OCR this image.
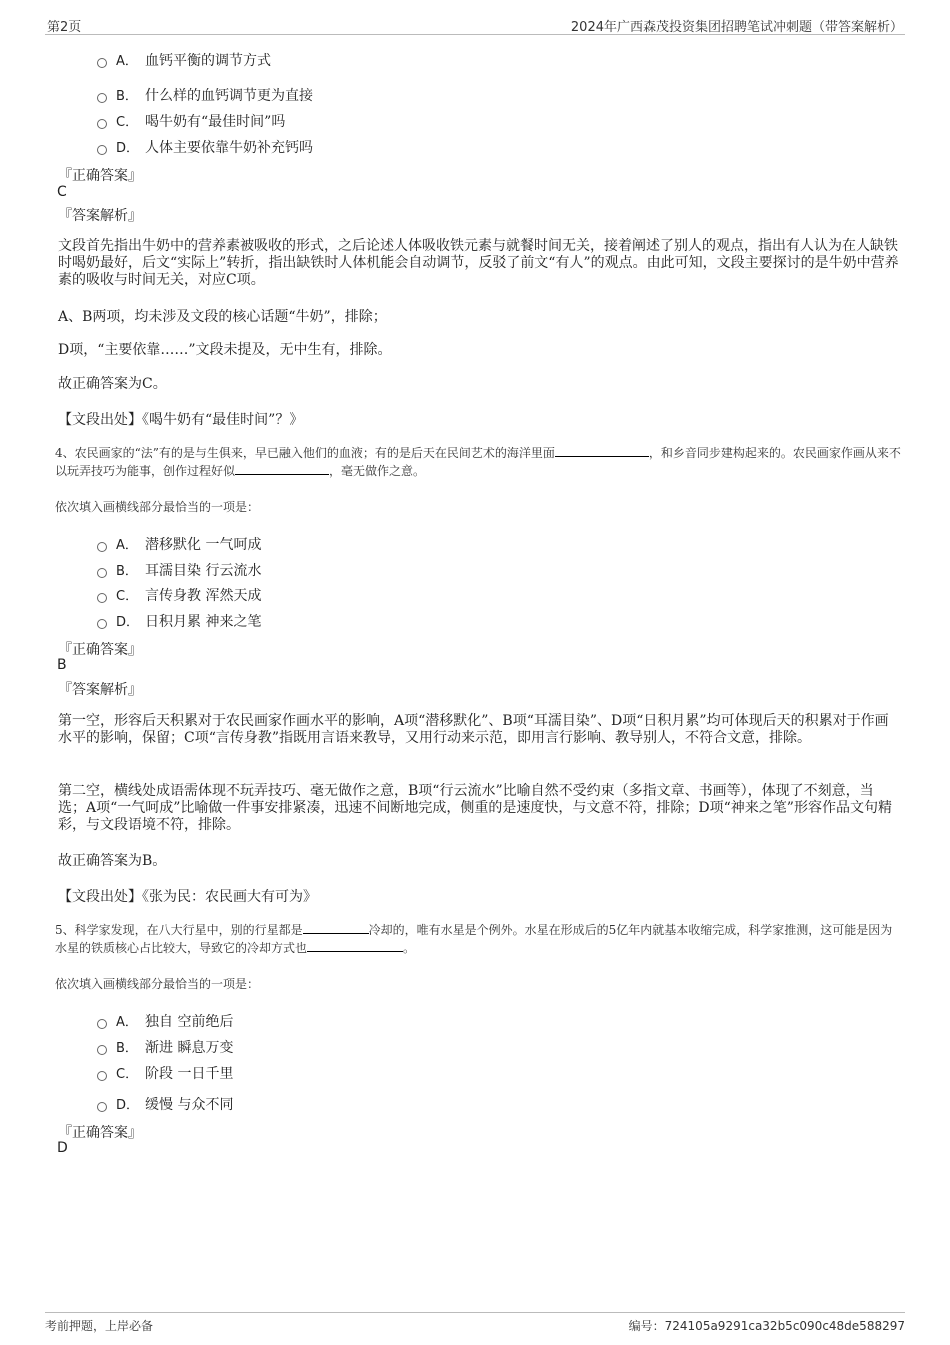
第2页	2024年广西森茂投资集团招聘笔试冲刺题（带答案解析）
A． 血钙平衡的调节方式
B． 什么样的血钙调节更为直接
C． 喝牛奶有“最佳时间”吗
D． 人体主要依靠牛奶补充钙吗
『正确答案』
C
『答案解析』
文段首先指出牛奶中的营养素被吸收的形式，之后论述人体吸收铁元素与就餐时间无关，接着阐述了别人的观点，指出有人认为在人缺铁时喝奶最好，后文“实际上”转折，指出缺铁时人体机能会自动调节，反驳了前文“有人”的观点。由此可知，文段主要探讨的是牛奶中营养素的吸收与时间无关，对应C项。
A、B两项，均未涉及文段的核心话题“牛奶”，排除；
D项，“主要依靠……”文段未提及，无中生有，排除。
故正确答案为C。
【文段出处】《喝牛奶有“最佳时间”？》
4、农民画家的“法”有的是与生俱来，早已融入他们的血液；有的是后天在民间艺术的海洋里面	，和乡音同步建构起来的。农民画家作画从来不以玩弄技巧为能事，创作过程好似	，毫无做作之意。
依次填入画横线部分最恰当的一项是：
A． 潜移默化 一气呵成
B． 耳濡目染 行云流水
C． 言传身教 浑然天成
D． 日积月累 神来之笔
『正确答案』
B
『答案解析』
第一空，形容后天积累对于农民画家作画水平的影响，A项“潜移默化”、B项“耳濡目染”、D项“日积月累”均可体现后天的积累对于作画水平的影响，保留；C项“言传身教”指既用言语来教导，又用行动来示范，即用言行影响、教导别人，不符合文意，排除。
第二空，横线处成语需体现不玩弄技巧、毫无做作之意，B项“行云流水”比喻自然不受约束（多指文章、书画等），体现了不刻意，当选；A项“一气呵成”比喻做一件事安排紧凑，迅速不间断地完成，侧重的是速度快，与文意不符，排除；D项“神来之笔”形容作品文句精彩，与文段语境不符，排除。
故正确答案为B。
【文段出处】《张为民：农民画大有可为》
5、科学家发现，在八大行星中，别的行星都是	冷却的，唯有水星是个例外。水星在形成后的5亿年内就基本收缩完成，科学家推测，这可能是因为水星的铁质核心占比较大，导致它的冷却方式也	。
依次填入画横线部分最恰当的一项是：
A． 独自 空前绝后
B． 渐进 瞬息万变
C． 阶段 一日千里
D． 缓慢 与众不同
『正确答案』
D
考前押题，上岸必备	编号：724105a9291ca32b5c090c48de588297
